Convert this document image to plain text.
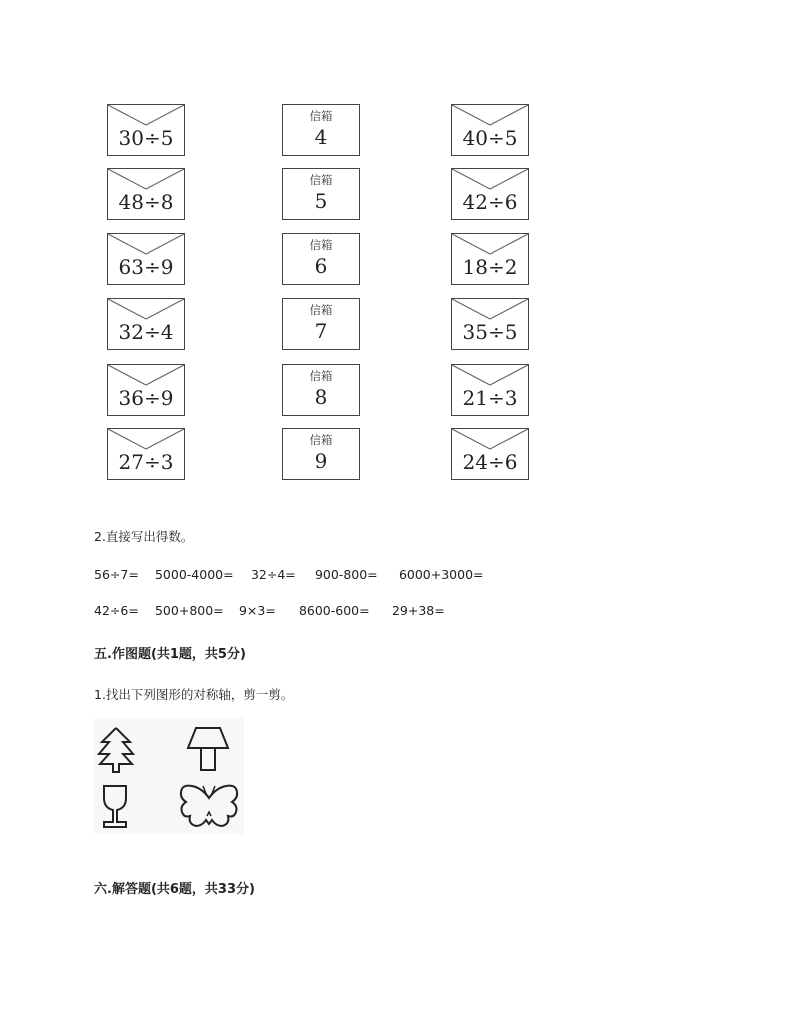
30÷5
48÷8
63÷9
32÷4
36÷9
27÷3
信箱
4
信箱
5
信箱
6
信箱
7
信箱
8
信箱
9
40÷5
42÷6
18÷2
35÷5
21÷3
24÷6
2.直接写出得数。
56÷7= 5000-4000= 32÷4= 900-800= 6000+3000=
42÷6= 500+800= 9×3= 8600-600= 29+38=
五.作图题(共1题，共5分)
1.找出下列图形的对称轴，剪一剪。
六.解答题(共6题，共33分)
